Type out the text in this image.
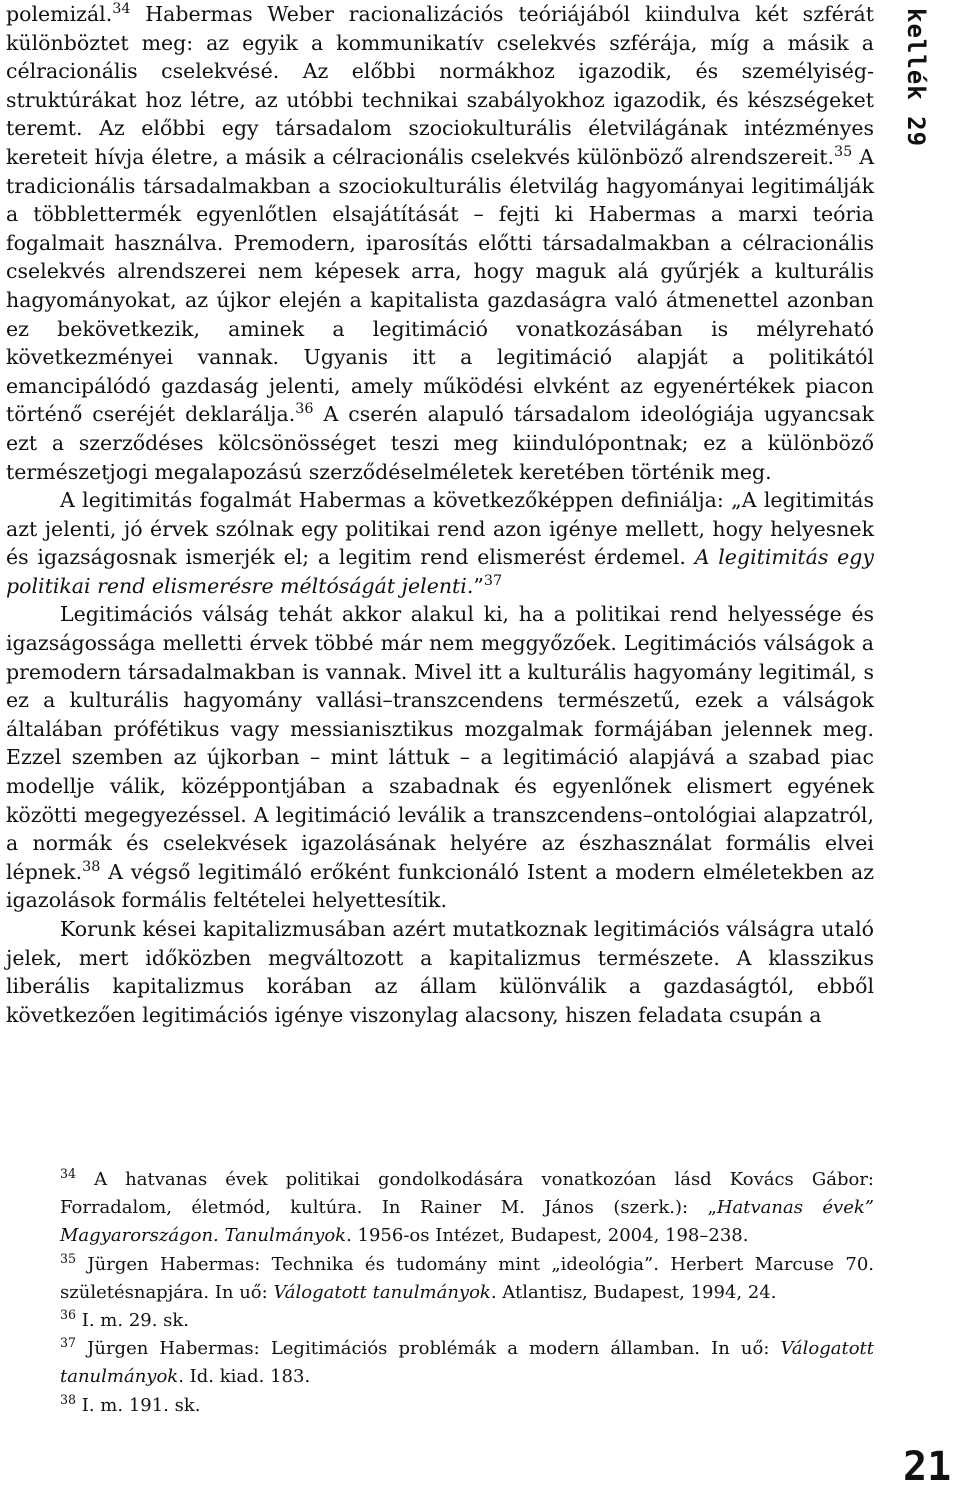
polemizál.$^{34}$ Habermas Weber racionalizációs teóriájából kiindulva két szférát különböztet meg: az egyik a kommunikatív cselekvés szférája, míg a másik a célracionális cselekvésé. Az előbbi normákhoz igazodik, és személyiségstruktúrákat hoz létre, az utóbbi technikai szabályokhoz igazodik, és készségeket teremt. Az előbbi egy társadalom szociokulturális életvilágának intézményes kereteit hívja életre, a másik a célracionális cselekvés különböző alrendszereit.$^{35}$ A tradicionális társadalmakban a szociokulturális életvilág hagyományai legitimálják a többlettermék egyenlőtlen elsajátítását – fejti ki Habermas a marxi teória fogalmait használva. Premodern, iparosítás előtti társadalmakban a célracionális cselekvés alrendszerei nem képesek arra, hogy maguk alá gyűrjék a kulturális hagyományokat, az újkor elején a kapitalista gazdaságra való átmenettel azonban ez bekövetkezik, aminek a legitimáció vonatkozásában is mélyreható következményei vannak. Ugyanis itt a legitimáció alapját a politikától emancipálódó gazdaság jelenti, amely működési elvként az egyenértékek piacon történő cseréjét deklarálja.$^{36}$ A cserén alapuló társadalom ideológiája ugyancsak ezt a szerződéses kölcsönösséget teszi meg kiindulópontnak; ez a különböző természetjogi megalapozású szerződéselméletek keretében történik meg.

A legitimitás fogalmát Habermas a következőképpen definiálja: „A legitimitás azt jelenti, jó érvek szólnak egy politikai rend azon igénye mellett, hogy helyesnek és igazságosnak ismerjék el; a legitim rend elismerést érdemel. A legitimitás egy politikai rend elismerésre méltóságát jelenti.”$^{37}$

Legitimációs válság tehát akkor alakul ki, ha a politikai rend helyessége és igazságossága melletti érvek többé már nem meggyőzőek. Legitimációs válságok a premodern társadalmakban is vannak. Mivel itt a kulturális hagyomány legitimál, s ez a kulturális hagyomány vallási–transzcendens természetű, ezek a válságok általában prófétikus vagy messianisztikus mozgalmak formájában jelennek meg. Ezzel szemben az újkorban – mint láttuk – a legitimáció alapjává a szabad piac modellje válik, középpontjában a szabadnak és egyenlőnek elismert egyének közötti megegyezéssel. A legitimáció leválik a transzcendens–ontológiai alapzatról, a normák és cselekvések igazolásának helyére az észhasználat formális elvei lépnek.$^{38}$ A végső legitimáló erőként funkcionáló Istent a modern elméletekben az igazolások formális feltételei helyettesítik.

Korunk kései kapitalizmusában azért mutatkoznak legitimációs válságra utaló jelek, mert időközben megváltozott a kapitalizmus természete. A klasszikus liberális kapitalizmus korában az állam különválik a gazdaságtól, ebből következően legitimációs igénye viszonylag alacsony, hiszen feladata csupán a

$^{34}$ A hatvanas évek politikai gondolkodására vonatkozóan lásd Kovács Gábor: Forradalom, életmód, kultúra. In Rainer M. János (szerk.): „Hatvanas évek” Magyarországon. Tanulmányok. 1956-os Intézet, Budapest, 2004, 198–238.

$^{35}$ Jürgen Habermas: Technika és tudomány mint „ideológia”. Herbert Marcuse 70. születésnapjára. In uő: Válogatott tanulmányok. Atlantisz, Budapest, 1994, 24.

$^{36}$ I. m. 29. sk.

$^{37}$ Jürgen Habermas: Legitimációs problémák a modern államban. In uő: Válogatott tanulmányok. Id. kiad. 183.

$^{38}$ I. m. 191. sk.

kellék 29
21
